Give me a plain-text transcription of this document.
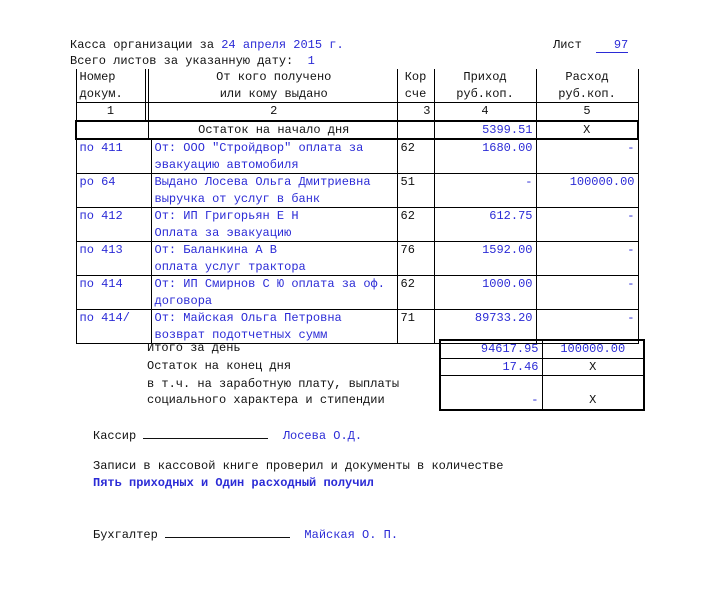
Касса организации за 24 апреля 2015 г.	Лист	97
Всего листов за указанную дату: 1
Номер			От кого получено	Кор	Приход	Расход
докум.			или кому выдано	сче	руб.коп.	руб.коп.
1			2	3	4	5
			Остаток на начало дня		5399.51	X
по 411			От: ООО "Стройдвор" оплата за	62	1680.00	-
			эвакуацию автомобиля			
ро 64			Выдано Лосева Ольга Дмитриевна	51	-	100000.00
			выручка от услуг в банк			
по 412			От: ИП Григорьян Е Н	62	612.75	-
			Оплата за эвакуацию			
по 413			От: Баланкина А В	76	1592.00	-
			оплата услуг трактора			
по 414			От: ИП Смирнов С Ю оплата за оф.	62	1000.00	-
			договора			
по 414/			От: Майская Ольга Петровна	71	89733.20	-
			возврат подотчетных сумм			
	Итого за день		94617.95	100000.00
	Остаток на конец дня		17.46	X
	в т.ч. на заработную плату, выплаты			
	социального характера и стипендии		-	X
Кассир	Лосева О.Д.
Записи в кассовой книге проверил и документы в количестве
Пять приходных и Один расходный получил
Бухгалтер	Майская О. П.
